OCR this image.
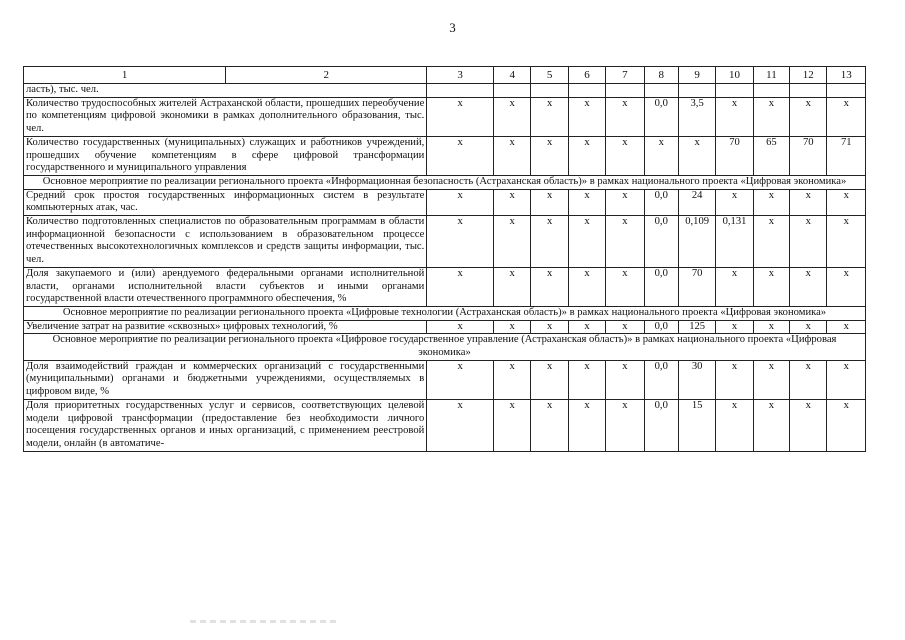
3
1	2	3	4	5	6	7	8	9	10	11	12	13
ласть), тыс. чел.												
Количество трудоспособных жителей Астраханской области, прошедших переобучение по компетенциям цифровой экономики в рамках дополнительного образования, тыс. чел.		x	x	x	x	x	0,0	3,5	x	x	x	x
Количество государственных (муниципальных) служащих и работников учреждений, прошедших обучение компетенциям в сфере цифровой трансформации государственного и муниципального управления		x	x	x	x	x	x	x	70	65	70	71
Основное мероприятие по реализации регионального проекта «Информационная безопасность (Астраханская область)» в рамках национального проекта «Цифровая экономика»												
Средний срок простоя государственных информационных систем в результате компьютерных атак, час.		x	x	x	x	x	0,0	24	x	x	x	x
Количество подготовленных специалистов по образовательным программам в области информационной безопасности с использованием в образовательном процессе отечественных высокотехнологичных комплексов и средств защиты информации, тыс. чел.		x	x	x	x	x	0,0	0,109	0,131	x	x	x
Доля закупаемого и (или) арендуемого федеральными органами исполнительной власти, органами исполнительной власти субъектов и иными органами государственной власти отечественного программного обеспечения, %		x	x	x	x	x	0,0	70	x	x	x	x
Основное мероприятие по реализации регионального проекта «Цифровые технологии (Астраханская область)» в рамках национального проекта «Цифровая экономика»												
Увеличение затрат на развитие «сквозных» цифровых технологий, %		x	x	x	x	x	0,0	125	x	x	x	x
Основное мероприятие по реализации регионального проекта «Цифровое государственное управление (Астраханская область)» в рамках национального проекта «Цифровая экономика»												
Доля взаимодействий граждан и коммерческих организаций с государственными (муниципальными) органами и бюджетными учреждениями, осуществляемых в цифровом виде, %		x	x	x	x	x	0,0	30	x	x	x	x
Доля приоритетных государственных услуг и сервисов, соответствующих целевой модели цифровой трансформации (предоставление без необходимости личного посещения государственных органов и иных организаций, с применением реестровой модели, онлайн (в автоматиче-		x	x	x	x	x	0,0	15	x	x	x	x
